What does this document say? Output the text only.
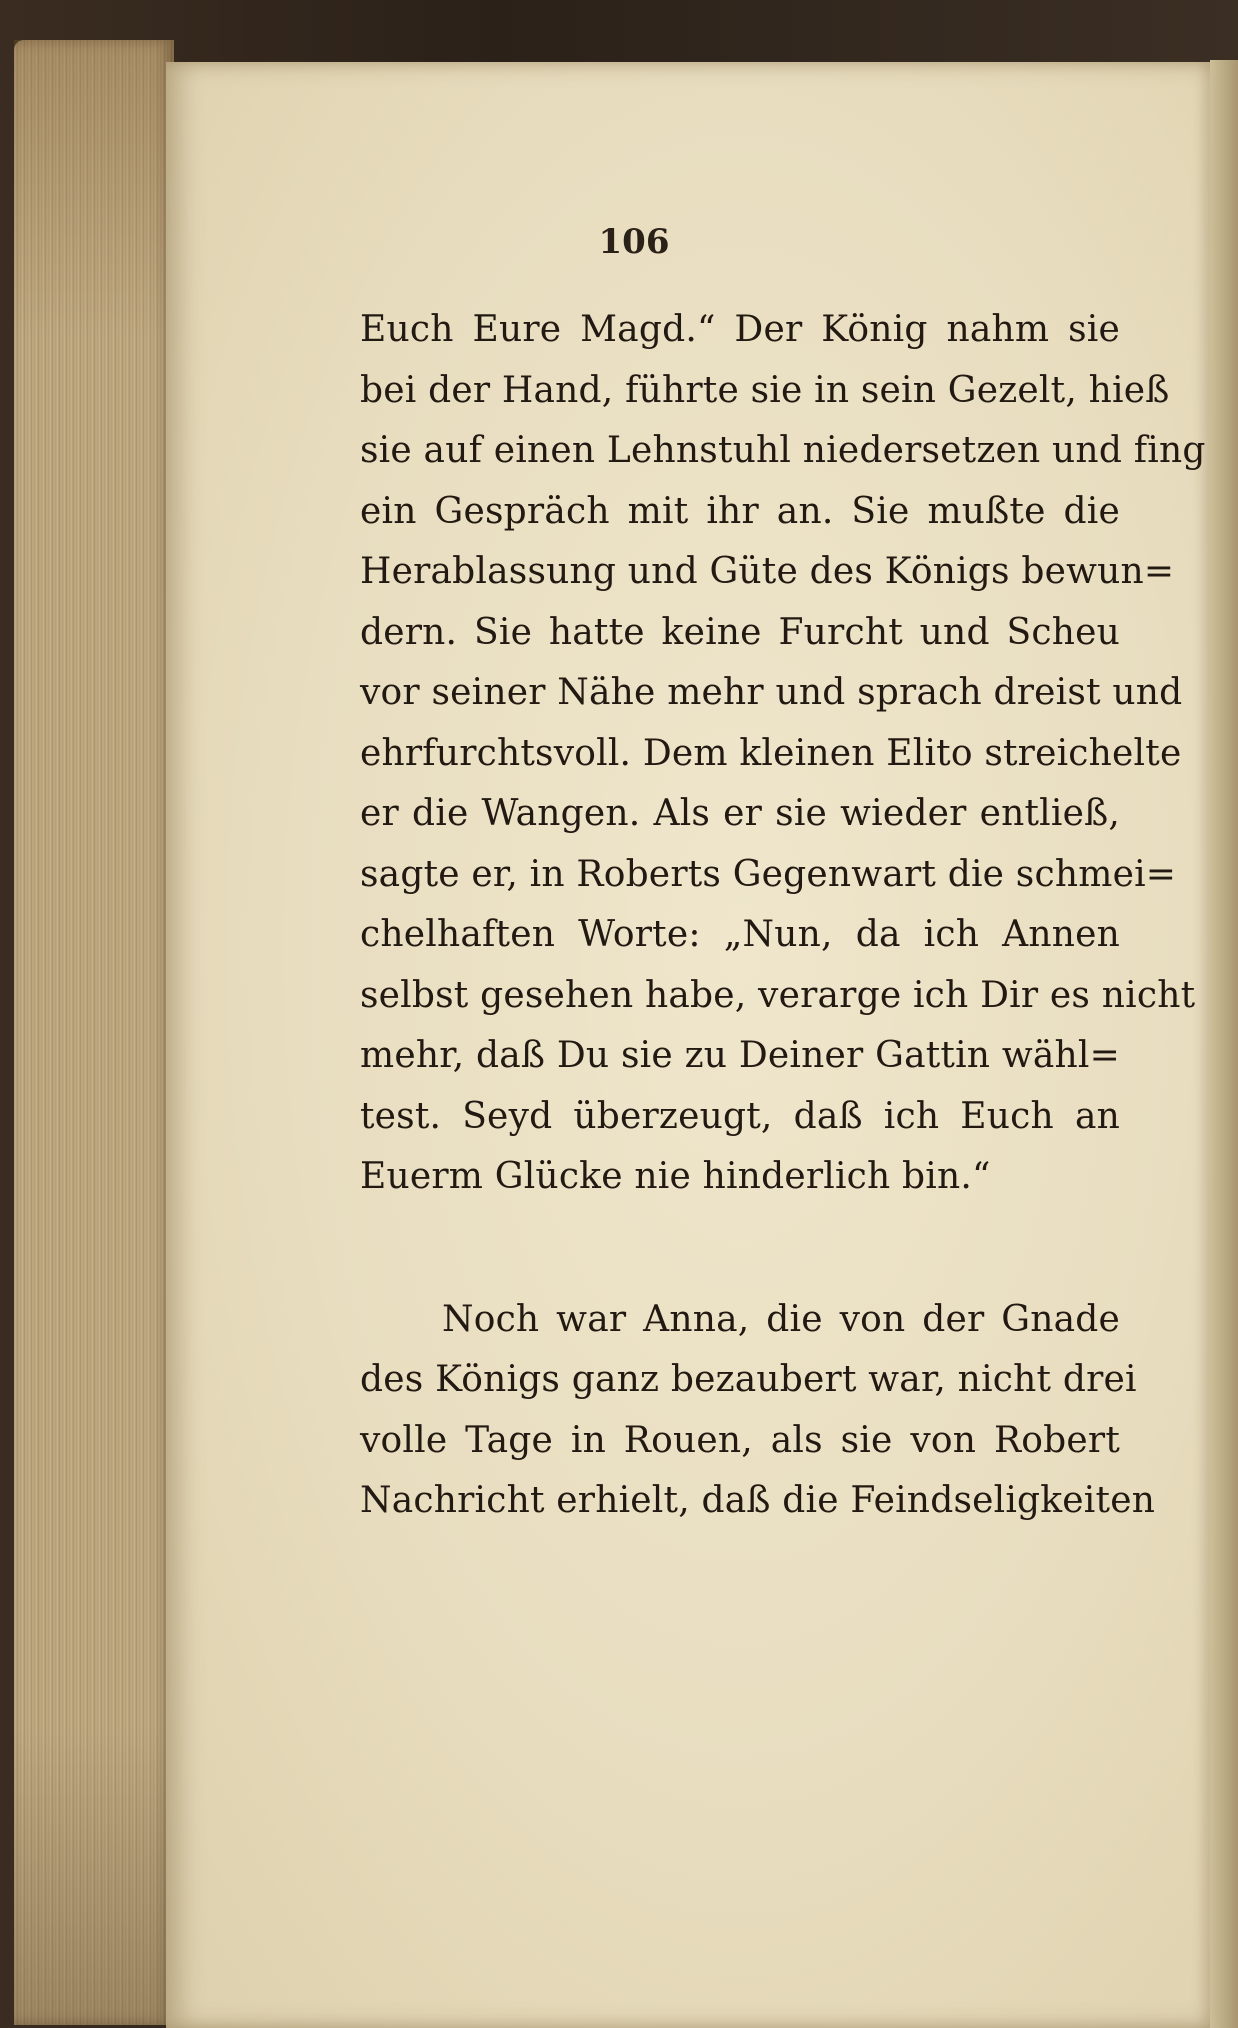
106
Euch Eure Magd.“ Der König nahm sie
bei der Hand, führte sie in sein Gezelt, hieß
sie auf einen Lehnstuhl niedersetzen und fing
ein Gespräch mit ihr an. Sie mußte die
Herablassung und Güte des Königs bewun=
dern. Sie hatte keine Furcht und Scheu
vor seiner Nähe mehr und sprach dreist und
ehrfurchtsvoll. Dem kleinen Elito streichelte
er die Wangen. Als er sie wieder entließ,
sagte er, in Roberts Gegenwart die schmei=
chelhaften Worte: „Nun, da ich Annen
selbst gesehen habe, verarge ich Dir es nicht
mehr, daß Du sie zu Deiner Gattin wähl=
test. Seyd überzeugt, daß ich Euch an
Euerm Glücke nie hinderlich bin.“
Noch war Anna, die von der Gnade
des Königs ganz bezaubert war, nicht drei
volle Tage in Rouen, als sie von Robert
Nachricht erhielt, daß die Feindseligkeiten
